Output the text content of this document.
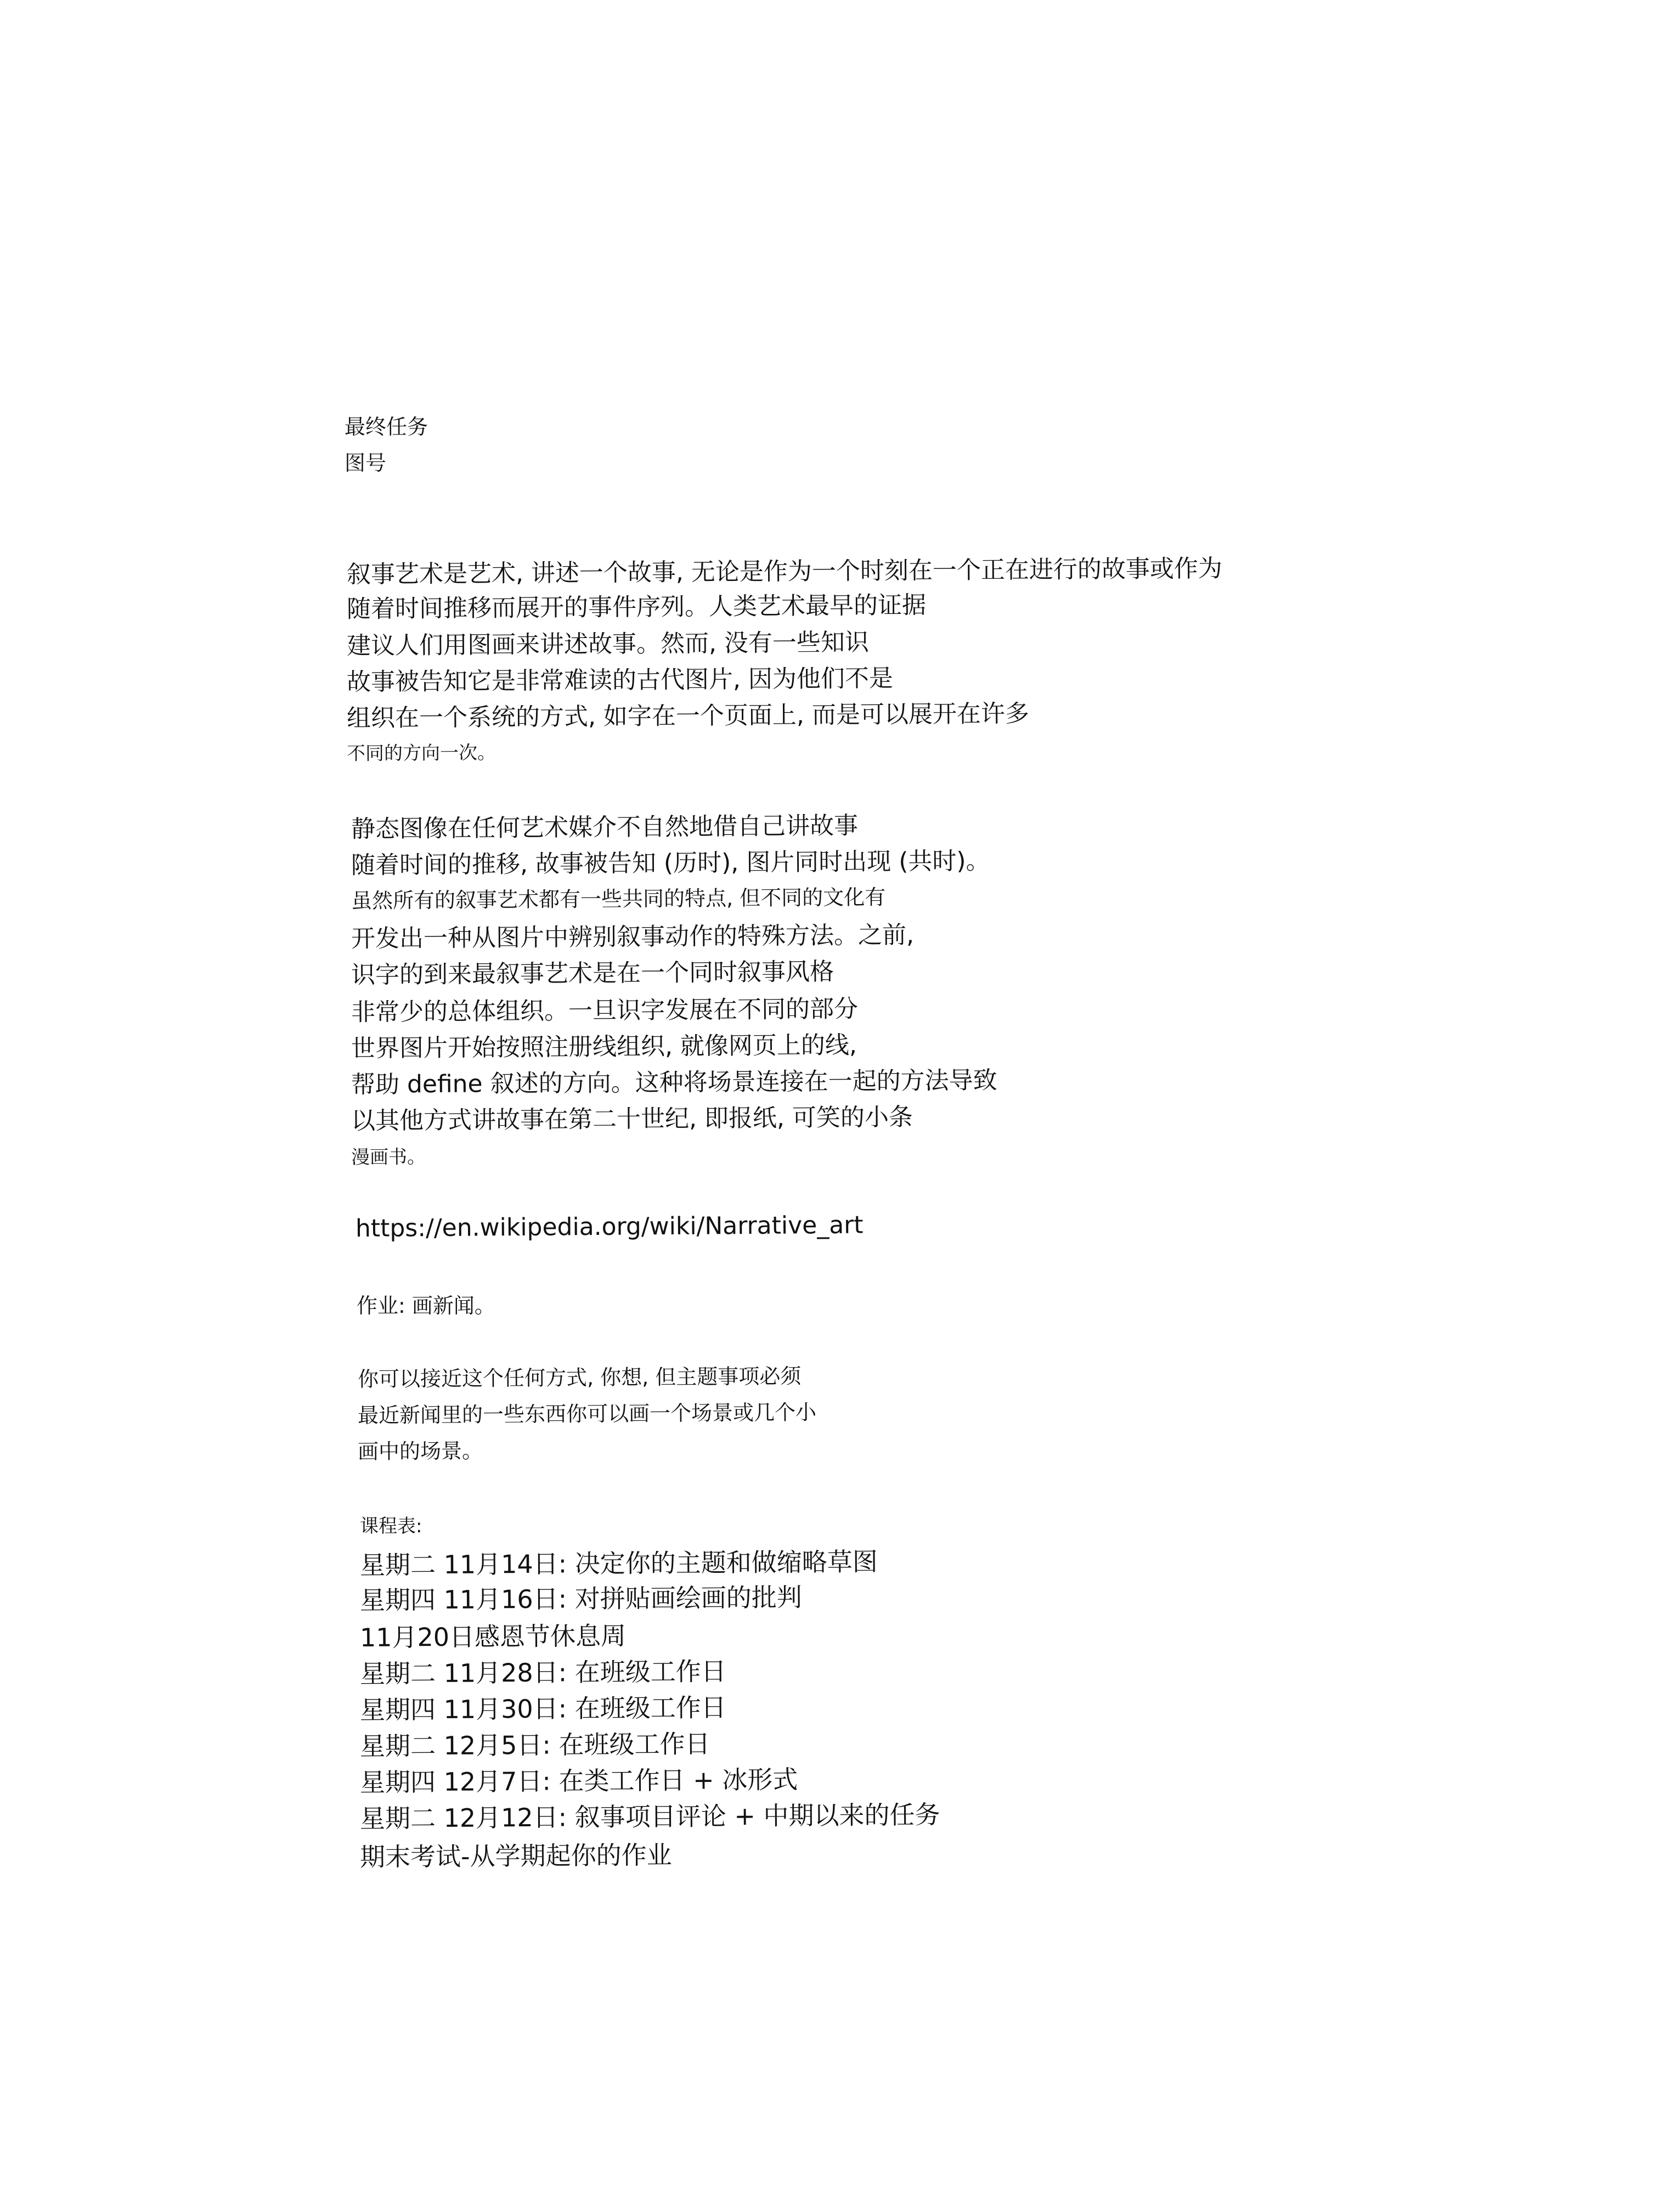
最终任务

图号

叙事艺术是艺术, 讲述一个故事, 无论是作为一个时刻在一个正在进行的故事或作为

随着时间推移而展开的事件序列。人类艺术最早的证据

建议人们用图画来讲述故事。然而, 没有一些知识

故事被告知它是非常难读的古代图片, 因为他们不是

组织在一个系统的方式, 如字在一个页面上, 而是可以展开在许多

不同的方向一次。

静态图像在任何艺术媒介不自然地借自己讲故事

随着时间的推移, 故事被告知 (历时), 图片同时出现 (共时)。

虽然所有的叙事艺术都有一些共同的特点, 但不同的文化有

开发出一种从图片中辨别叙事动作的特殊方法。之前,

识字的到来最叙事艺术是在一个同时叙事风格

非常少的总体组织。一旦识字发展在不同的部分

世界图片开始按照注册线组织, 就像网页上的线,

帮助 define 叙述的方向。这种将场景连接在一起的方法导致

以其他方式讲故事在第二十世纪, 即报纸, 可笑的小条

漫画书。

https://en.wikipedia.org/wiki/Narrative_art

作业: 画新闻。

你可以接近这个任何方式, 你想, 但主题事项必须

最近新闻里的一些东西你可以画一个场景或几个小

画中的场景。

课程表:

星期二 11月14日: 决定你的主题和做缩略草图

星期四 11月16日: 对拼贴画绘画的批判

11月20日感恩节休息周

星期二 11月28日: 在班级工作日

星期四 11月30日: 在班级工作日

星期二 12月5日: 在班级工作日

星期四 12月7日: 在类工作日 + 冰形式

星期二 12月12日: 叙事项目评论 + 中期以来的任务

期末考试-从学期起你的作业
